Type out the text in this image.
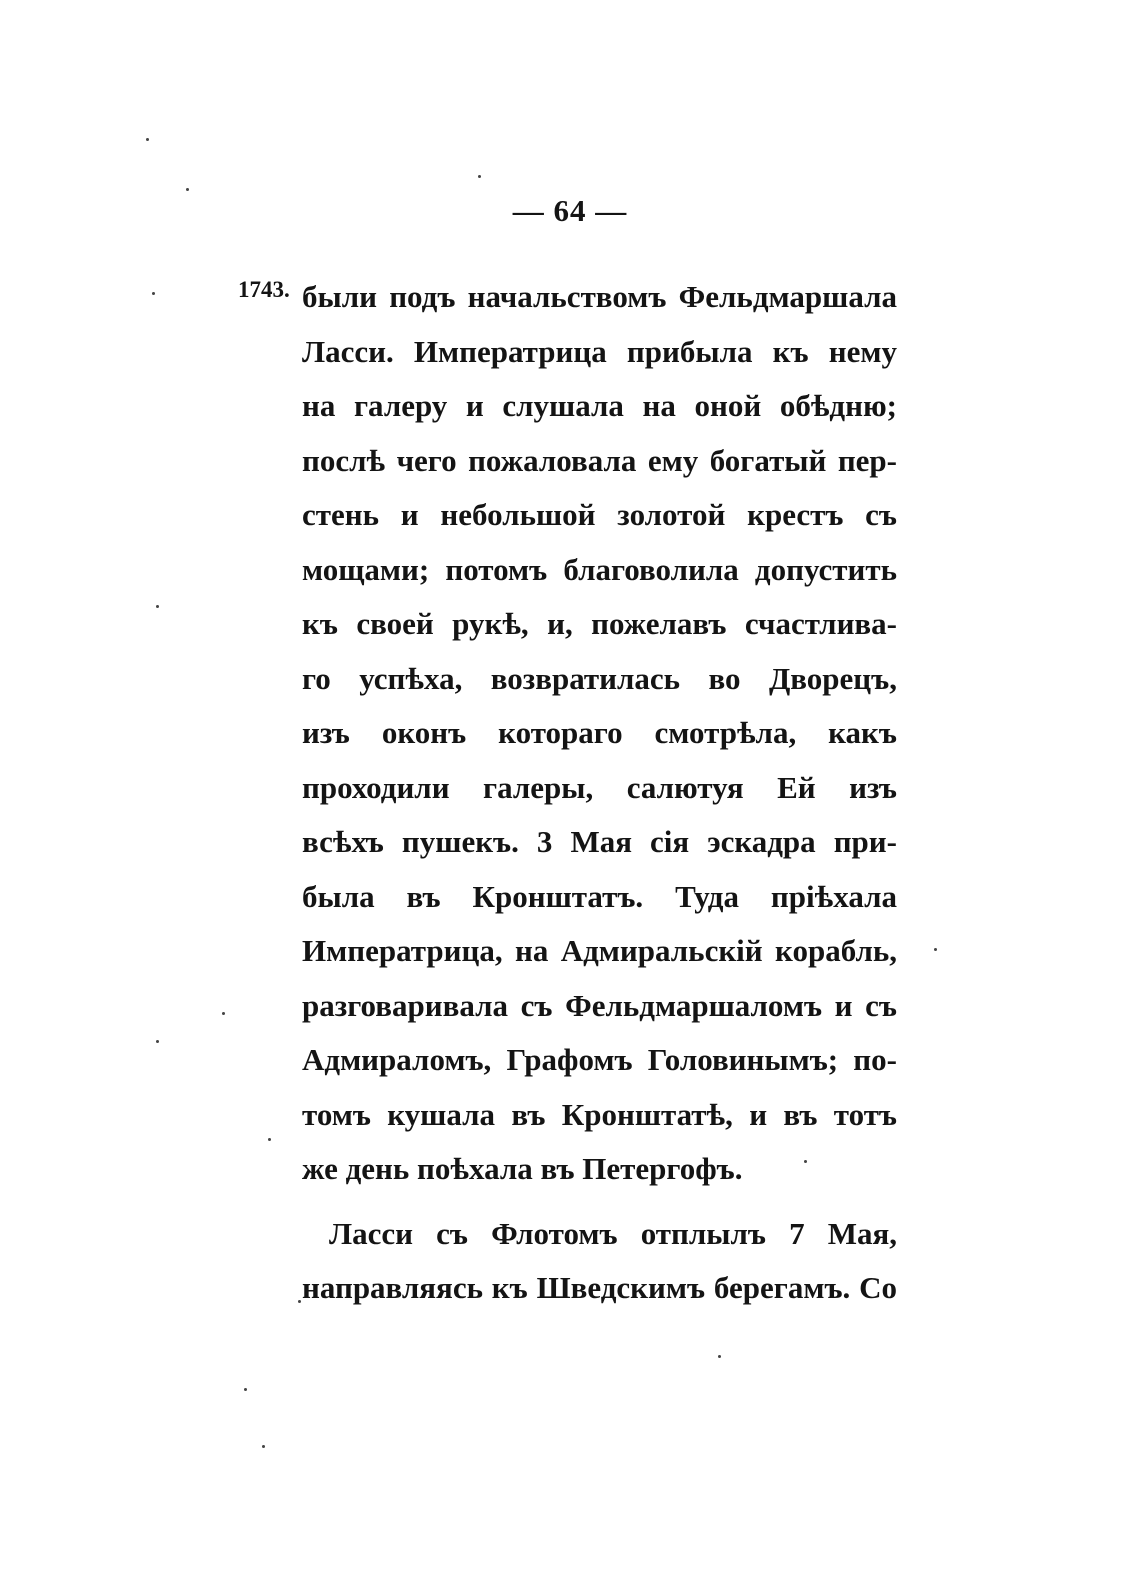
— 64 —
1743. были подъ начальствомъ Фельдмаршала
Ласси. Императрица прибыла къ нему
на галеру и слушала на оной обѣдню;
послѣ чего пожаловала ему богатый пер-
стень и небольшой золотой крестъ съ
мощами; потомъ благоволила допустить
къ своей рукѣ, и, пожелавъ счастлива-
го успѣха, возвратилась во Дворецъ,
изъ оконъ котораго смотрѣла, какъ
проходили галеры, салютуя Ей изъ
всѣхъ пушекъ. 3 Мая сія эскадра при-
была въ Кронштатъ. Туда пріѣхала
Императрица, на Адмиральскій корабль,
разговаривала съ Фельдмаршаломъ и съ
Адмираломъ, Графомъ Головинымъ; по-
томъ кушала въ Кронштатѣ, и въ тотъ
же день поѣхала въ Петергофъ.
Ласси съ Флотомъ отплылъ 7 Мая,
направляясь къ Шведскимъ берегамъ. Со
